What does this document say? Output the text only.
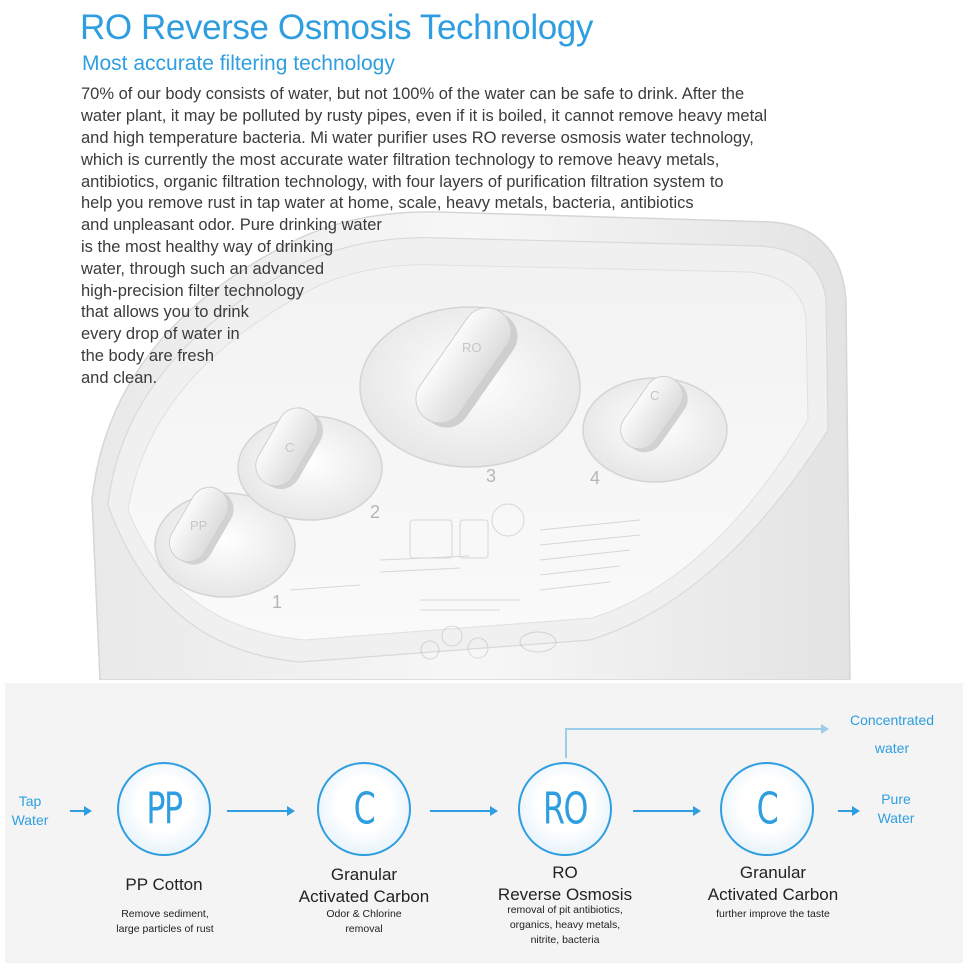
1
2
3	4
PP
C
RO
C
RO Reverse Osmosis Technology
Most accurate filtering technology

70% of our body consists of water, but not 100% of the water can be safe to drink. After the

water plant, it may be polluted by rusty pipes, even if it is boiled, it cannot remove heavy metal

and high temperature bacteria. Mi water purifier uses RO reverse osmosis water technology,

which is currently the most accurate water filtration technology to remove heavy metals,

antibiotics, organic filtration technology, with four layers of purification filtration system to

help you remove rust in tap water at home, scale, heavy metals, bacteria, antibiotics

and unpleasant odor. Pure drinking water

is the most healthy way of drinking

water, through such an advanced

high-precision filter technology

that allows you to drink

every drop of water in

the body are fresh

and clean.

Tap
Water	PP
PP Cotton
Remove sediment,
large particles of rust
C
Granular
Activated Carbon
Odor & Chlorine
removal
RO
RO
Reverse Osmosis
removal of pit antibiotics,
organics, heavy metals,
nitrite, bacteria
Concentrated
water
C
Granular
Activated Carbon
further improve the taste
Pure
Water
